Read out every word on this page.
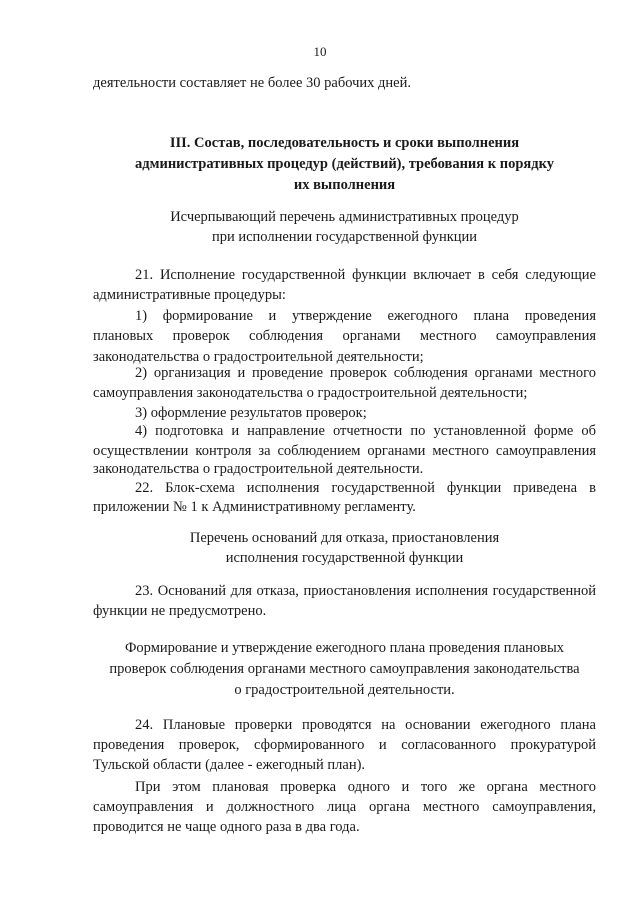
10

деятельности составляет не более 30 рабочих дней.

III. Состав, последовательность и сроки выполнения
административных процедур (действий), требования к порядку
их выполнения
Исчерпывающий перечень административных процедур
при исполнении государственной функции

21. Исполнение государственной функции включает в себя следующие

административные процедуры:

1) формирование и утверждение ежегодного плана проведения

плановых проверок соблюдения органами местного самоуправления

законодательства о градостроительной деятельности;

2) организация и проведение проверок соблюдения органами местного

самоуправления законодательства о градостроительной деятельности;

3) оформление результатов проверок;

4) подготовка и направление отчетности по установленной форме об

осуществлении контроля за соблюдением органами местного самоуправления

законодательства о градостроительной деятельности.

22. Блок-схема исполнения государственной функции приведена в

приложении № 1 к Административному регламенту.

Перечень оснований для отказа, приостановления
исполнения государственной функции

23. Оснований для отказа, приостановления исполнения государственной

функции не предусмотрено.

Формирование и утверждение ежегодного плана проведения плановых
проверок соблюдения органами местного самоуправления законодательства
о градостроительной деятельности.

24. Плановые проверки проводятся на основании ежегодного плана

проведения проверок, сформированного и согласованного прокуратурой

Тульской области (далее - ежегодный план).

При этом плановая проверка одного и того же органа местного

самоуправления и должностного лица органа местного самоуправления,

проводится не чаще одного раза в два года.
